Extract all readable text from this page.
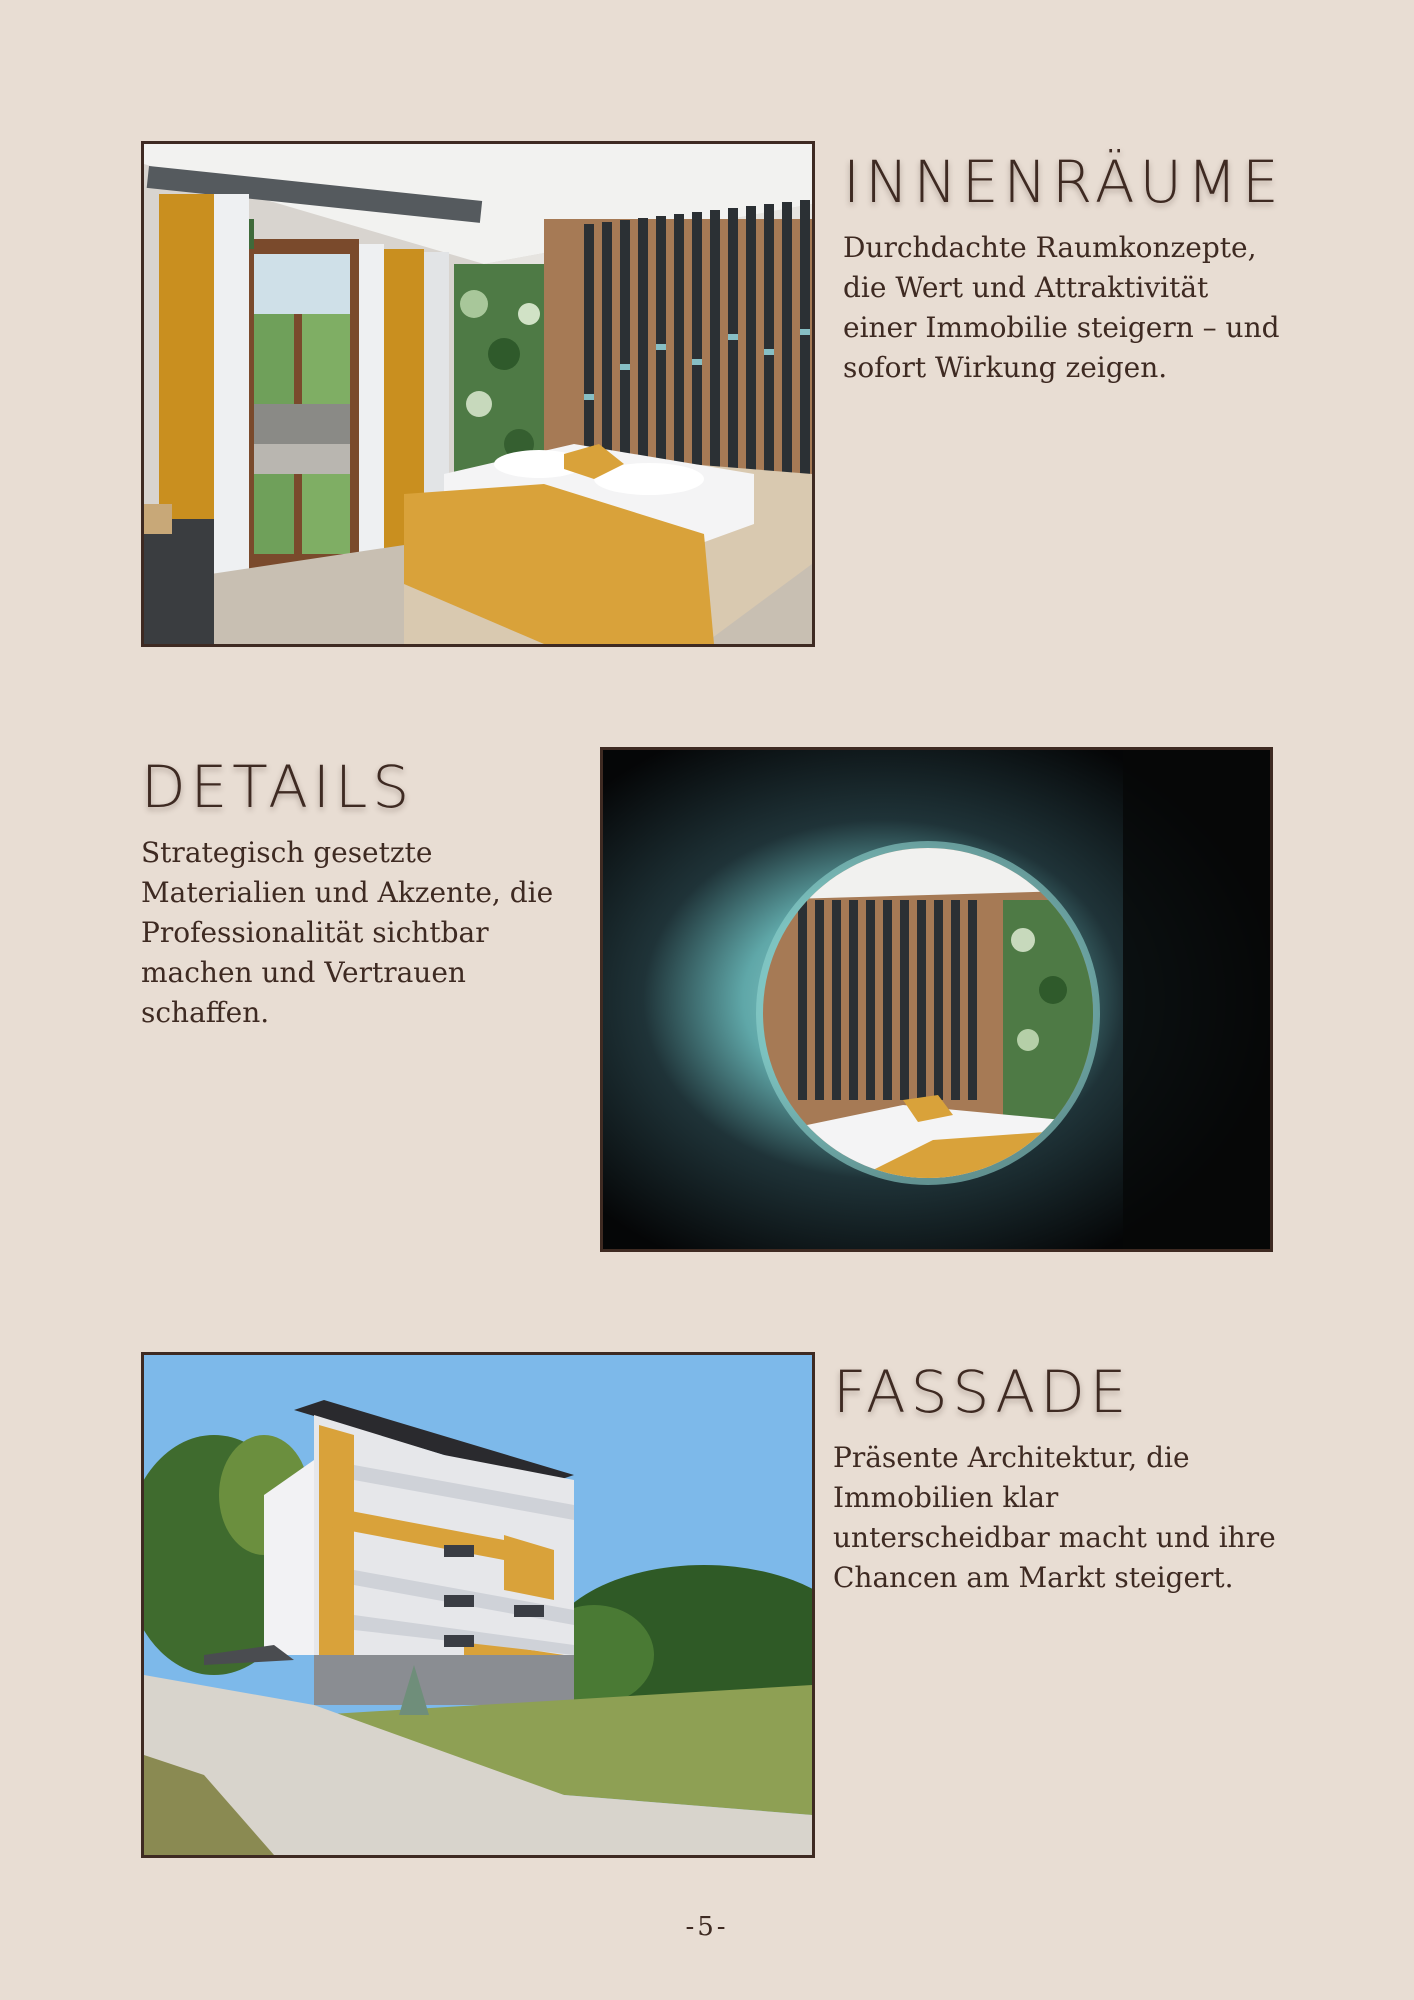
INNENRÄUME

Durchdachte Raumkonzepte, die Wert und Attraktivität einer Immobilie steigern – und sofort Wirkung zeigen.

DETAILS

Strategisch gesetzte Materialien und Akzente, die Professionalität sichtbar machen und Vertrauen schaffen.

FASSADE

Präsente Architektur, die Immobilien klar unterscheidbar macht und ihre Chancen am Markt steigert.

-5-
